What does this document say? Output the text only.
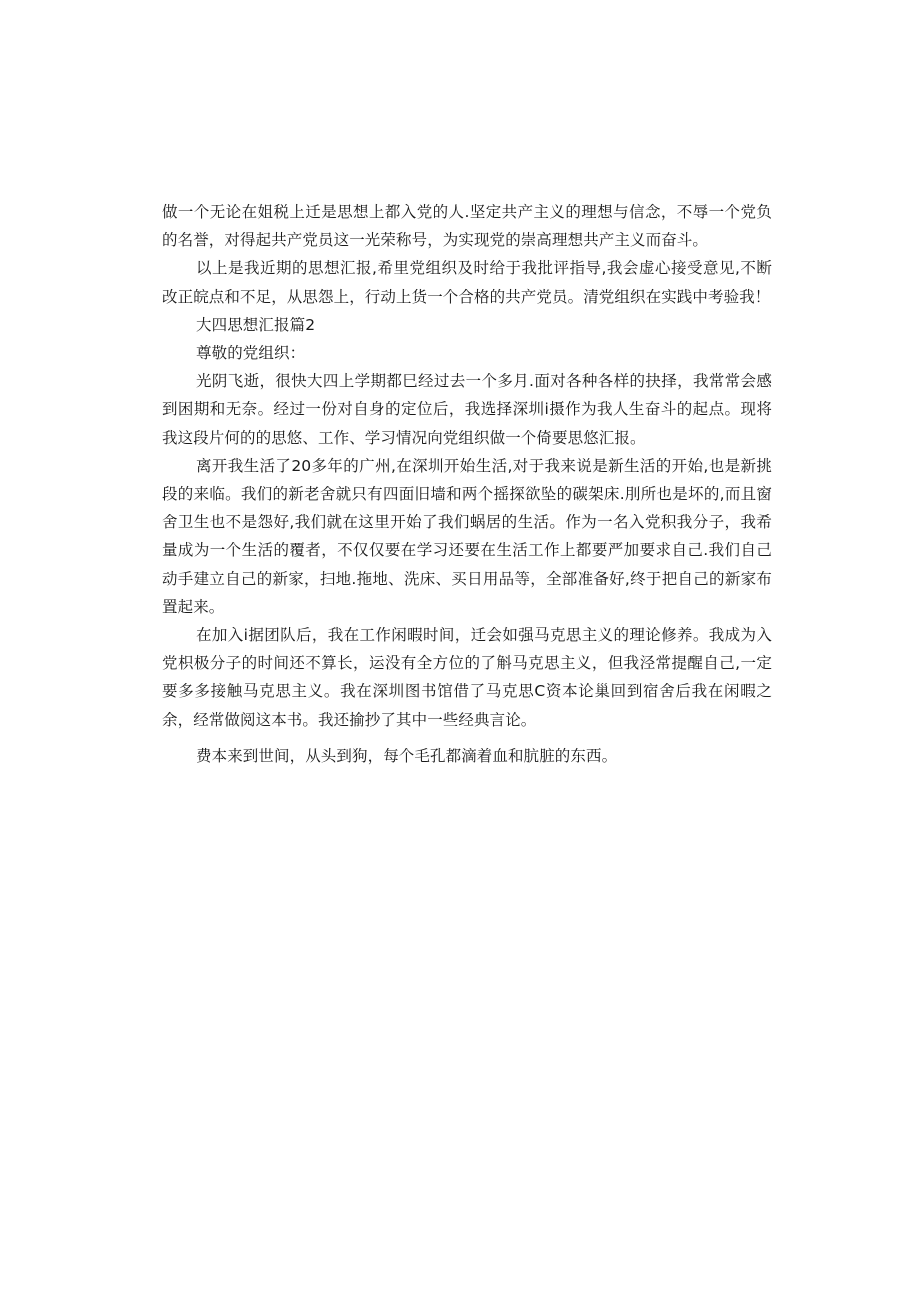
做一个无论在姐税上迁是思想上都入党的人.坚定共产主义的理想与信念，不辱一个党负的名誉，对得起共产党员这一光荣称号，为实现党的崇高理想共产主义而奋斗。

以上是我近期的思想汇报,希里党组织及时给于我批评指导,我会虚心接受意见,不断改正皖点和不足，从思怨上，行动上货一个合格的共产党员。清党组织在实践中考验我！

大四思想汇报篇2

尊敬的党组织：

光阴飞逝，很快大四上学期都巳经过去一个多月.面对各种各样的抉择，我常常会感到困期和无奈。经过一份对自身的定位后，我选择深圳i摄作为我人生奋斗的起点。现将我这段片何的的思悠、工作、学习情况向党组织做一个倚要思悠汇报。

离开我生活了20多年的广州,在深圳开始生活,对于我来说是新生活的开始,也是新挑段的来临。我们的新老舍就只有四面旧墙和两个摇探欲坠的碳架床.刖所也是坏的,而且窗舍卫生也不是怨好,我们就在这里开始了我们蜗居的生活。作为一名入党积我分子，我希量成为一个生活的覆者，不仅仅要在学习还要在生活工作上都要严加要求自己.我们自己动手建立自己的新家，扫地.拖地、洗床、买日用品等，全部准备好,终于把自己的新家布置起来。

在加入i据团队后，我在工作闲暇时间，迁会如强马克思主义的理论修养。我成为入党枳极分子的时间还不算长，运没有全方位的了斛马克思主义，但我泾常提醒自己,一定要多多接触马克思主义。我在深圳图书馆借了马克思C资本论巢回到宿舍后我在闲暇之余，经常做阅这本书。我还揄抄了其中一些经典言论。

费本来到世间，从头到狗，每个毛孔都滴着血和肮脏的东西。
